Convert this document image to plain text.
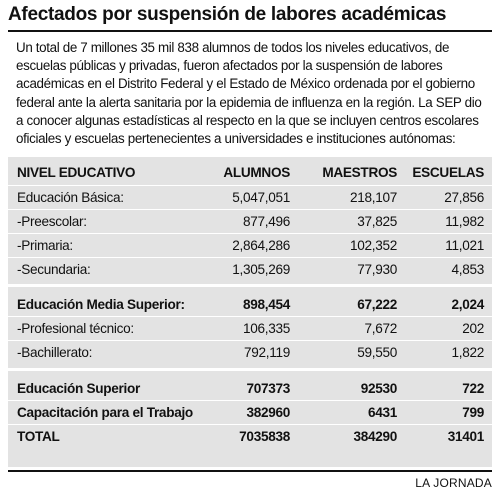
Afectados por suspensión de labores académicas
Un total de 7 millones 35 mil 838 alumnos de todos los niveles educativos, de escuelas públicas y privadas, fueron afectados por la suspensión de labores académicas en el Distrito Federal y el Estado de México ordenada por el gobierno federal ante la alerta sanitaria por la epidemia de influenza en la región. La SEP dio a conocer algunas estadísticas al respecto en la que se incluyen centros escolares oficiales y escuelas pertenecientes a universidades e instituciones autónomas:
NIVEL EDUCATIVO	ALUMNOS MAESTROS ESCUELAS
Educación Básica:	5,047,051	218,107	27,856
-Preescolar:	877,496	37,825	11,982
-Primaria:	2,864,286	102,352	11,021
-Secundaria:	1,305,269	77,930	4,853
Educación Media Superior:	898,454	67,222	2,024
-Profesional técnico:	106,335	7,672	202
-Bachillerato:	792,119	59,550	1,822
Educación Superior	707373	92530	722
Capacitación para el Trabajo	382960	6431	799
TOTAL	7035838	384290	31401
LA JORNADA
